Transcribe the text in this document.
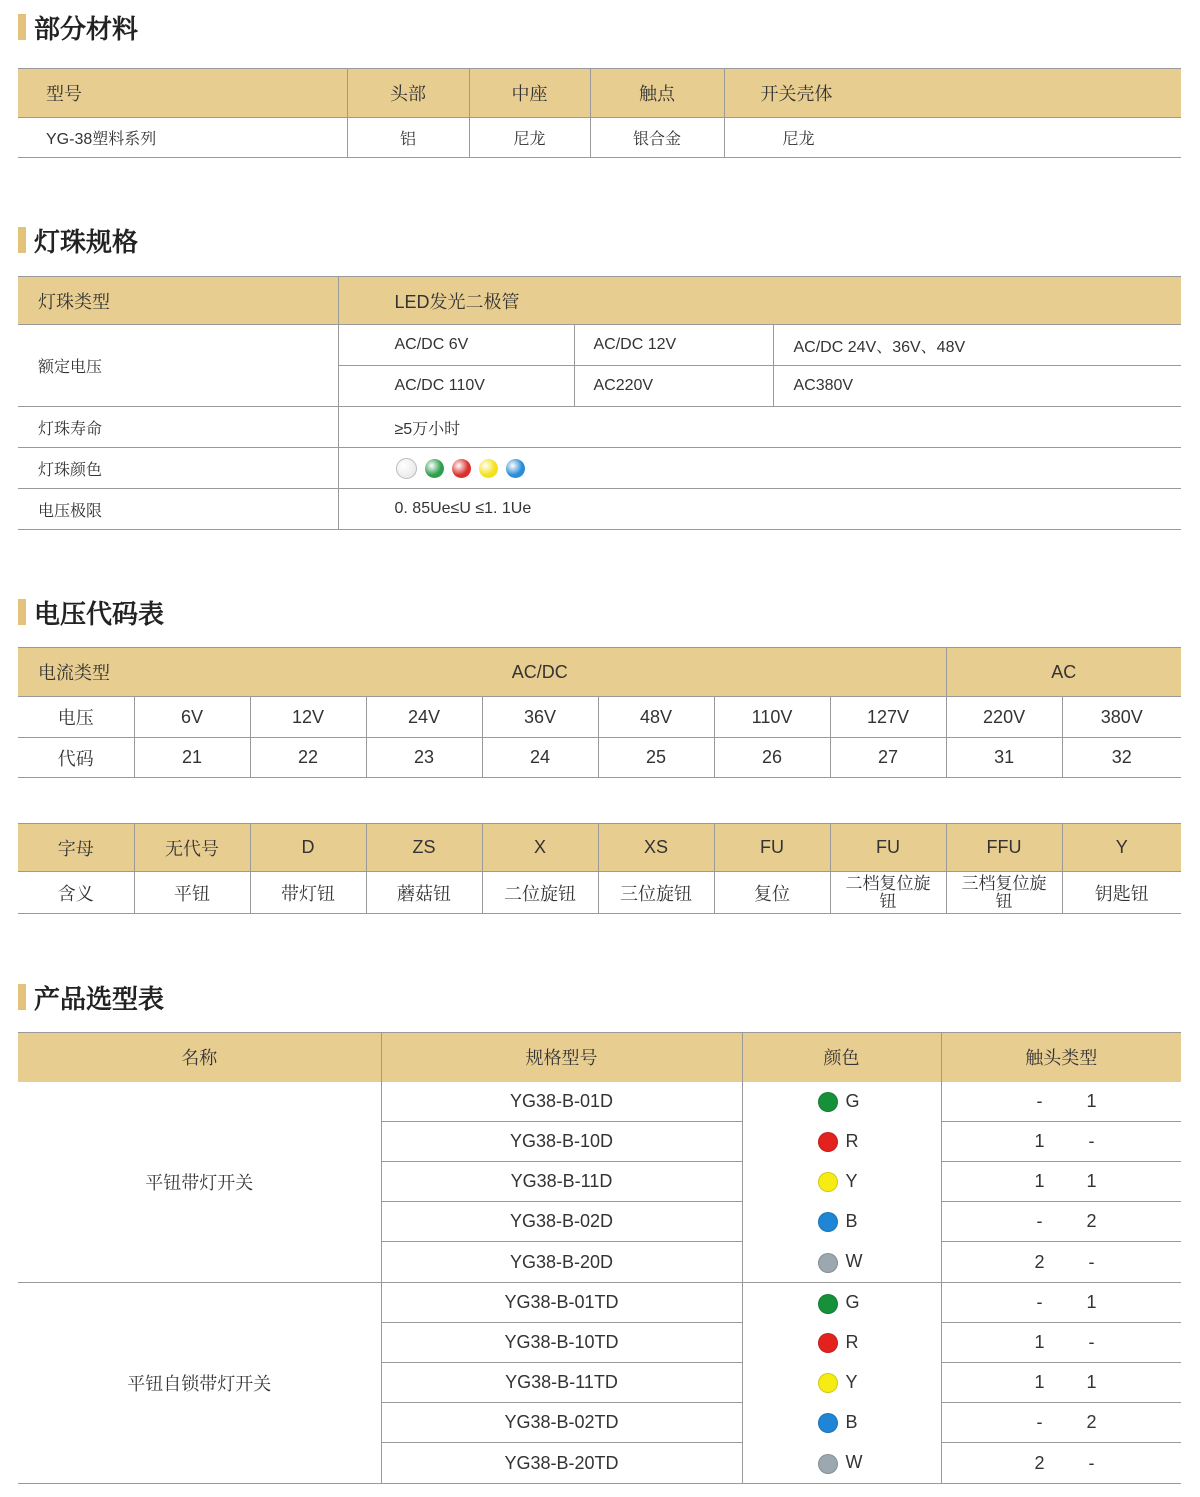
部分材料
型号	头部	中座	触点	开关壳体
YG-38塑料系列	铝	尼龙	银合金	尼龙
灯珠规格
灯珠类型	LED发光二极管		
额定电压	AC/DC 6V	AC/DC 12V	AC/DC 24V、36V、48V
	AC/DC 110V	AC220V	AC380V
灯珠寿命	≥5万小时		
灯珠颜色			
电压极限	0. 85Ue≤U ≤1. 1Ue		
电压代码表
电流类型	AC/DC							AC	
电压	6V	12V	24V	36V	48V	110V	127V	220V	380V
代码	21	22	23	24	25	26	27	31	32
字母	无代号	D	ZS	X	XS	FU	FU	FFU	Y
含义	平钮	带灯钮	蘑菇钮	二位旋钮	三位旋钮	复位	二档复位旋钮	三档复位旋钮	钥匙钮
产品选型表
名称	规格型号	颜色	触头类型
平钮带灯开关	YG38-B-01D	G	- 1
	YG38-B-10D	R	1 -
	YG38-B-11D	Y	1 1
	YG38-B-02D	B	- 2
	YG38-B-20D	W	2 -
平钮自锁带灯开关	YG38-B-01TD	G	- 1
	YG38-B-10TD	R	1 -
	YG38-B-11TD	Y	1 1
	YG38-B-02TD	B	- 2
	YG38-B-20TD	W	2 -
